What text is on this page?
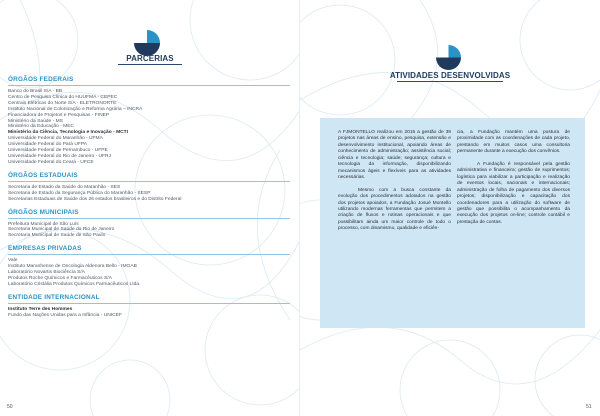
PARCERIAS
ÓRGÃOS FEDERAIS
Banco do Brasil S/A - BB
Centro de Pesquisa Clínica do HUUFMA - CEPEC
Centrais Elétricas do Norte S/A - ELETRONORTE
Instituto Nacional de Colonização e Reforma Agrária – INCRA
Financiadora de Projetos e Pesquisas - FINEP
Ministério da Saúde - MS
Ministério da Educação - MEC
Ministério da Ciência, Tecnologia e Inovação - MCTI
Universidade Federal do Maranhão - UFMA
Universidade Federal do Pará UFPA
Universidade Federal de Pernambuco - UFPE
Universidade Federal do Rio de Janeiro - UFRJ
Universidade Federal do Ceará - UFCE
ÓRGÃOS ESTADUAIS
Secretaria de Estado da Saúde do Maranhão - SES
Secretaria de Estado da Segurança Pública do Maranhão - SESP
Secretarias Estaduais de Saúde dos 26 estados brasileiros e do Distrito Federal
ÓRGÃOS MUNICIPAIS
Prefeitura Municipal de São Luís
Secretaria Municipal de Saúde do Rio de Janeiro
Secretaria Municipal de Saúde de São Paulo
EMPRESAS PRIVADAS
Vale
Instituto Maranhense de Oncologia Aldenora Bello - IMOAB
Laboratório Novartis Biociência S/A
Produtos Roche Químicos e Farmacêuticos S/A
Laboratório Cristália Produtos Químicos Farmacêuticos Ltda.
ENTIDADE INTERNACIONAL
Instituto Terre des Hommes
Fundo das Nações Unidas para a Infância - UNICEF
50
ATIVIDADES DESENVOLVIDAS
51

A FJMONTELLO realizou em 2015 a gestão de 39 projetos nas áreas de ensino, pesquisa, extensão e desenvolvimento institucional, apoiando áreas de conhecimento de administração; assistência social; ciência e tecnologia; saúde; segurança; cultura e tecnologia da informação, disponibilizando mecanismos ágeis e flexíveis para as atividades necessárias.

Mesmo com a busca constante da evolução dos procedimentos adotados na gestão dos projetos apoiados, a Fundação Josué Montello utilizando modernas ferramentas que permitem a criação de fluxos e rotinas operacionais e que possibilitam ainda um maior controle de todo o processo, com dinamismo, qualidade e eficiên-

cia, a Fundação mantém uma postura de proximidade com as coordenações de cada projeto, prestando em muitos casos uma consultoria permanente durante a execução dos convênios.

A Fundação é responsável pela gestão administrativa e financeira; gestão de suprimentos; logística para viabilizar a participação e realização de eventos locais, nacionais e internacionais; administração de folha de pagamento dos diversos projetos; disponibilização e capacitação dos coordenadores para a utilização do software de gestão que possibilita o acompanhamento da execução dos projetos on-line; controle contábil e prestação de contas.
